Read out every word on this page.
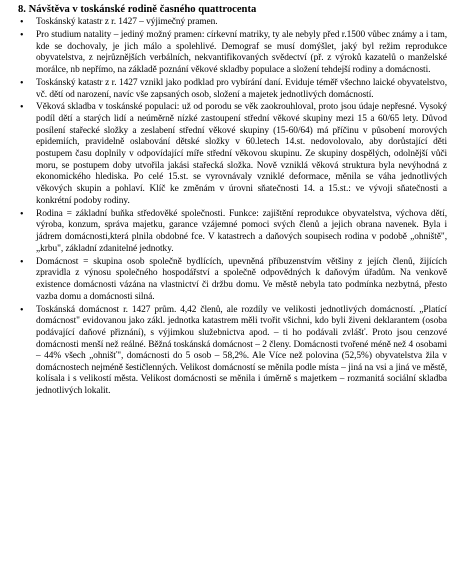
8. Návštěva v toskánské rodině časného quattrocenta
• Toskánský katastr z r. 1427 – výjimečný pramen.
• Pro studium natality – jediný možný pramen: církevní matriky, ty ale nebyly před r.1500 vůbec známy a i tam, kde se dochovaly, je jich málo a spolehlivé. Demograf se musí domýšlet, jaký byl režim reprodukce obyvatelstva, z nejrůznějších verbálních, nekvantifikovaných svědectví (př. z výroků kazatelů o manželské morálce, nb nepřímo, na základě poznání věkové skladby populace a složení tehdejší rodiny a domácnosti.
• Toskánský katastr z r. 1427 vznikl jako podklad pro vybírání daní. Eviduje téměř všechno laické obyvatelstvo, vč. dětí od narození, navíc vše zapsaných osob, složení a majetek jednotlivých domácností.
• Věková skladba v toskánské populaci: už od porodu se věk zaokrouhloval, proto jsou údaje nepřesné. Vysoký podíl dětí a starých lidí a neúměrně nízké zastoupení střední věkové skupiny mezi 15 a 60/65 lety. Důvod posílení stařecké složky a zeslabení střední věkové skupiny (15-60/64) má příčinu v působení morových epidemiích, pravidelně oslabování dětské složky v 60.letech 14.st. nedovolovalo, aby dorůstající děti postupem času doplnily v odpovídající míře střední věkovou skupinu. Ze skupiny dospělých, odolnější vůči moru, se postupem doby utvořila jakási stařecká složka. Nově vzniklá věková struktura byla nevýhodná z ekonomického hlediska. Po celé 15.st. se vyrovnávaly vzniklé deformace, měnila se váha jednotlivých věkových skupin a pohlaví. Klíč ke změnám v úrovni sňatečnosti 14. a 15.st.: ve vývoji sňatečnosti a konkrétní podoby rodiny.
• Rodina = základní buňka středověké společnosti. Funkce: zajištění reprodukce obyvatelstva, výchova dětí, výroba, konzum, správa majetku, garance vzájemné pomoci svých členů a jejich obrana navenek. Byla i jádrem domácnosti,která plnila obdobné fce. V katastrech a daňových soupisech rodina v podobě „ohniště", „krbu", základní zdanitelné jednotky.
• Domácnost = skupina osob společně bydlících, upevněná příbuzenstvím většiny z jejích členů, žijících zpravidla z výnosu společného hospodářství a společně odpovědných k daňovým úřadům. Na venkově existence domácnosti vázána na vlastnictví či držbu domu. Ve městě nebyla tato podmínka nezbytná, přesto vazba domu a domácnosti silná.
• Toskánská domácnost r. 1427 prům. 4,42 členů, ale rozdíly ve velikosti jednotlivých domácností. „Platící domácnost" evidovanou jako zákl. jednotka katastrem měli tvořit všichni, kdo byli živeni deklarantem (osoba podávající daňové přiznání), s výjimkou služebnictva apod. – ti ho podávali zvlášť. Proto jsou cenzové domácnosti menší než reálné. Běžná toskánská domácnost – 2 členy. Domácnosti tvořené méně než 4 osobami – 44% všech „ohnišť", domácnosti do 5 osob – 58,2%. Ale Více než polovina (52,5%) obyvatelstva žila v domácnostech nejméně šestičlenných. Velikost domácností se měnila podle místa – jiná na vsi a jiná ve městě, kolísala i s velikostí města. Velikost domácnosti se měnila i úměrně s majetkem – rozmanitá sociální skladba jednotlivých lokalit.
